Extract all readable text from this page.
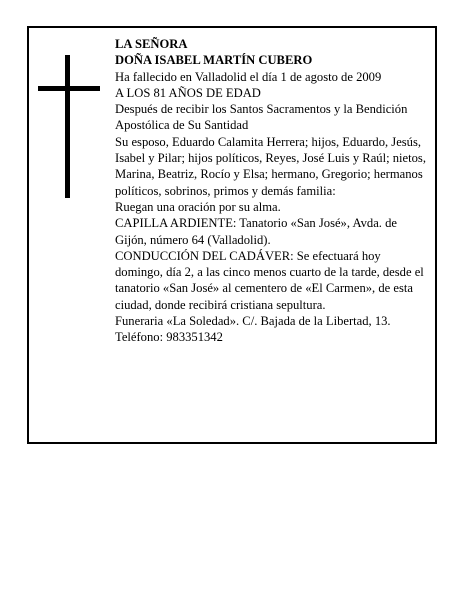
LA SEÑORA

DOÑA ISABEL MARTÍN CUBERO

Ha fallecido en Valladolid el día 1 de agosto de 2009

A LOS 81 AÑOS DE EDAD

Después de recibir los Santos Sacramentos y la Bendición Apostólica de Su Santidad

Su esposo, Eduardo Calamita Herrera; hijos, Eduardo, Jesús, Isabel y Pilar; hijos políticos, Reyes, José Luis y Raúl; nietos, Marina, Beatriz, Rocío y Elsa; hermano, Gregorio; hermanos políticos, sobrinos, primos y demás familia:

Ruegan una oración por su alma.

CAPILLA ARDIENTE: Tanatorio «San José», Avda. de Gijón, número 64 (Valladolid).

CONDUCCIÓN DEL CADÁVER: Se efectuará hoy domingo, día 2, a las cinco menos cuarto de la tarde, desde el tanatorio «San José» al cementero de «El Carmen», de esta ciudad, donde recibirá cristiana sepultura.

Funeraria «La Soledad». C/. Bajada de la Libertad, 13.

Teléfono: 983351342
